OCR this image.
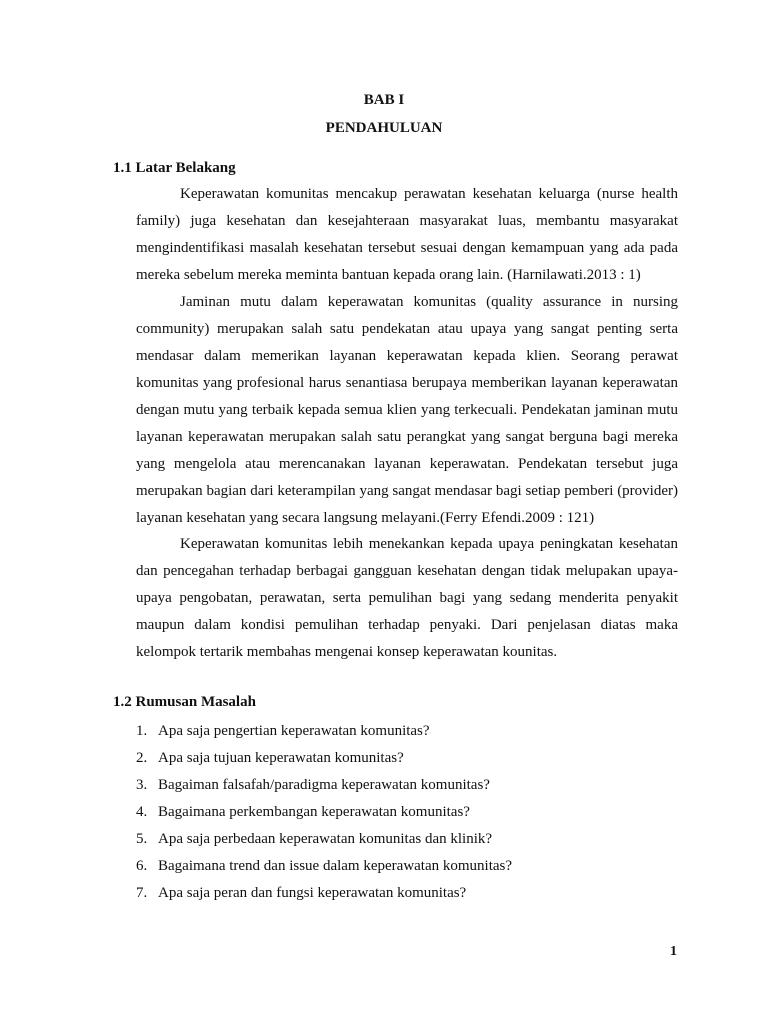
BAB I
PENDAHULUAN
1.1 Latar Belakang

Keperawatan komunitas mencakup perawatan kesehatan keluarga (nurse health family) juga kesehatan dan kesejahteraan masyarakat luas, membantu masyarakat mengindentifikasi masalah kesehatan tersebut sesuai dengan kemampuan yang ada pada mereka sebelum mereka meminta bantuan kepada orang lain. (Harnilawati.2013 : 1)

Jaminan mutu dalam keperawatan komunitas (quality assurance in nursing community) merupakan salah satu pendekatan atau upaya yang sangat penting serta mendasar dalam memerikan layanan keperawatan kepada klien. Seorang perawat komunitas yang profesional harus senantiasa berupaya memberikan layanan keperawatan dengan mutu yang terbaik kepada semua klien yang terkecuali. Pendekatan jaminan mutu layanan keperawatan merupakan salah satu perangkat yang sangat berguna bagi mereka yang mengelola atau merencanakan layanan keperawatan. Pendekatan tersebut juga merupakan bagian dari keterampilan yang sangat mendasar bagi setiap pemberi (provider) layanan kesehatan yang secara langsung melayani.(Ferry Efendi.2009 : 121)

Keperawatan komunitas lebih menekankan kepada upaya peningkatan kesehatan dan pencegahan terhadap berbagai gangguan kesehatan dengan tidak melupakan upaya-upaya pengobatan, perawatan, serta pemulihan bagi yang sedang menderita penyakit maupun dalam kondisi pemulihan terhadap penyaki. Dari penjelasan diatas maka kelompok tertarik membahas mengenai konsep keperawatan kounitas.

1.2 Rumusan Masalah
1. Apa saja pengertian keperawatan komunitas?
2. Apa saja tujuan keperawatan komunitas?
3. Bagaiman falsafah/paradigma keperawatan komunitas?
4. Bagaimana perkembangan keperawatan komunitas?
5. Apa saja perbedaan keperawatan komunitas dan klinik?
6. Bagaimana trend dan issue dalam keperawatan komunitas?
7. Apa saja peran dan fungsi keperawatan komunitas?
1
